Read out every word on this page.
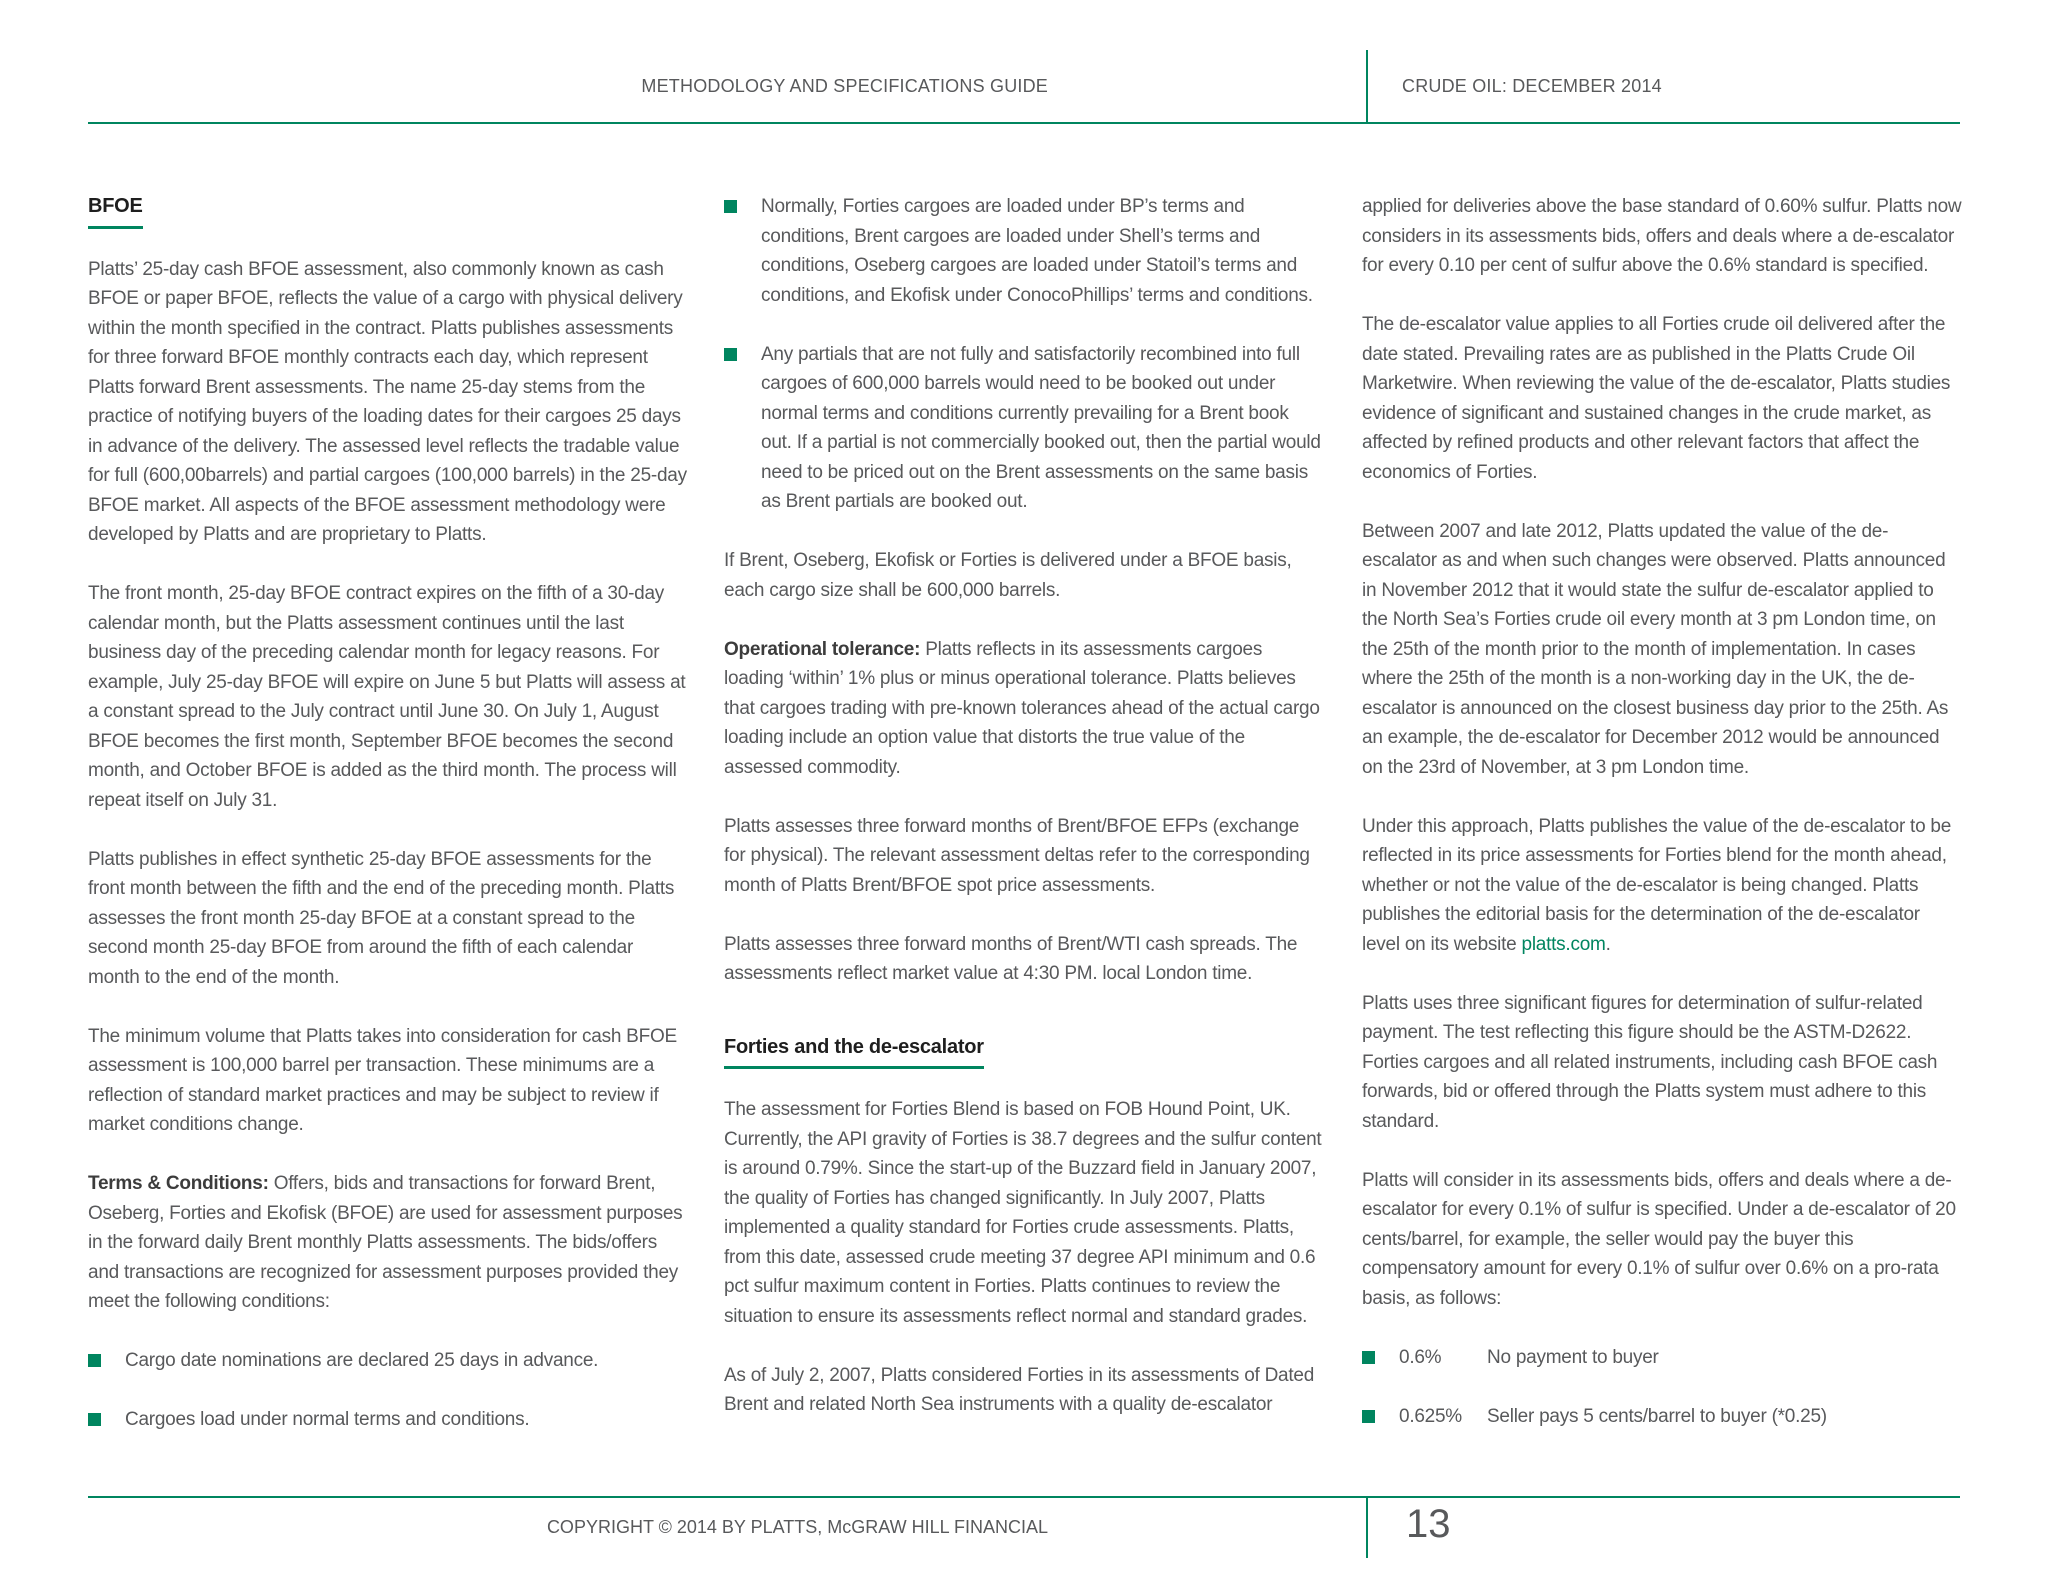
METHODOLOGY AND SPECIFICATIONS GUIDE	CRUDE OIL: DECEMBER 2014
BFOE

Platts’ 25-day cash BFOE assessment, also commonly known as cash BFOE or paper BFOE, reflects the value of a cargo with physical delivery within the month specified in the contract. Platts publishes assessments for three forward BFOE monthly contracts each day, which represent Platts forward Brent assessments. The name 25-day stems from the practice of notifying buyers of the loading dates for their cargoes 25 days in advance of the delivery. The assessed level reflects the tradable value for full (600,00barrels) and partial cargoes (100,000 barrels) in the 25-day BFOE market. All aspects of the BFOE assessment methodology were developed by Platts and are proprietary to Platts.

The front month, 25-day BFOE contract expires on the fifth of a 30-day calendar month, but the Platts assessment continues until the last business day of the preceding calendar month for legacy reasons. For example, July 25-day BFOE will expire on June 5 but Platts will assess at a constant spread to the July contract until June 30. On July 1, August BFOE becomes the first month, September BFOE becomes the second month, and October BFOE is added as the third month. The process will repeat itself on July 31.

Platts publishes in effect synthetic 25-day BFOE assessments for the front month between the fifth and the end of the preceding month. Platts assesses the front month 25-day BFOE at a constant spread to the second month 25-day BFOE from around the fifth of each calendar month to the end of the month.

The minimum volume that Platts takes into consideration for cash BFOE assessment is 100,000 barrel per transaction. These minimums are a reflection of standard market practices and may be subject to review if market conditions change.

Terms & Conditions: Offers, bids and transactions for forward Brent, Oseberg, Forties and Ekofisk (BFOE) are used for assessment purposes in the forward daily Brent monthly Platts assessments. The bids/offers and transactions are recognized for assessment purposes provided they meet the following conditions:

Cargo date nominations are declared 25 days in advance.
Cargoes load under normal terms and conditions.
Normally, Forties cargoes are loaded under BP’s terms and conditions, Brent cargoes are loaded under Shell’s terms and conditions, Oseberg cargoes are loaded under Statoil’s terms and conditions, and Ekofisk under ConocoPhillips’ terms and conditions.
Any partials that are not fully and satisfactorily recombined into full cargoes of 600,000 barrels would need to be booked out under normal terms and conditions currently prevailing for a Brent book out. If a partial is not commercially booked out, then the partial would need to be priced out on the Brent assessments on the same basis as Brent partials are booked out.

If Brent, Oseberg, Ekofisk or Forties is delivered under a BFOE basis, each cargo size shall be 600,000 barrels.

Operational tolerance: Platts reflects in its assessments cargoes loading ‘within’ 1% plus or minus operational tolerance. Platts believes that cargoes trading with pre-known tolerances ahead of the actual cargo loading include an option value that distorts the true value of the assessed commodity.

Platts assesses three forward months of Brent/BFOE EFPs (exchange for physical). The relevant assessment deltas refer to the corresponding month of Platts Brent/BFOE spot price assessments.

Platts assesses three forward months of Brent/WTI cash spreads. The assessments reflect market value at 4:30 PM. local London time.

Forties and the de-escalator

The assessment for Forties Blend is based on FOB Hound Point, UK. Currently, the API gravity of Forties is 38.7 degrees and the sulfur content is around 0.79%. Since the start-up of the Buzzard field in January 2007, the quality of Forties has changed significantly. In July 2007, Platts implemented a quality standard for Forties crude assessments. Platts, from this date, assessed crude meeting 37 degree API minimum and 0.6 pct sulfur maximum content in Forties. Platts continues to review the situation to ensure its assessments reflect normal and standard grades.

As of July 2, 2007, Platts considered Forties in its assessments of Dated Brent and related North Sea instruments with a quality de-escalator

applied for deliveries above the base standard of 0.60% sulfur. Platts now considers in its assessments bids, offers and deals where a de-escalator for every 0.10 per cent of sulfur above the 0.6% standard is specified.

The de-escalator value applies to all Forties crude oil delivered after the date stated. Prevailing rates are as published in the Platts Crude Oil Marketwire. When reviewing the value of the de-escalator, Platts studies evidence of significant and sustained changes in the crude market, as affected by refined products and other relevant factors that affect the economics of Forties.

Between 2007 and late 2012, Platts updated the value of the de-escalator as and when such changes were observed. Platts announced in November 2012 that it would state the sulfur de-escalator applied to the North Sea’s Forties crude oil every month at 3 pm London time, on the 25th of the month prior to the month of implementation. In cases where the 25th of the month is a non-working day in the UK, the de-escalator is announced on the closest business day prior to the 25th. As an example, the de-escalator for December 2012 would be announced on the 23rd of November, at 3 pm London time.

Under this approach, Platts publishes the value of the de-escalator to be reflected in its price assessments for Forties blend for the month ahead, whether or not the value of the de-escalator is being changed. Platts publishes the editorial basis for the determination of the de-escalator level on its website platts.com.

Platts uses three significant figures for determination of sulfur-related payment. The test reflecting this figure should be the ASTM-D2622. Forties cargoes and all related instruments, including cash BFOE cash forwards, bid or offered through the Platts system must adhere to this standard.

Platts will consider in its assessments bids, offers and deals where a de-escalator for every 0.1% of sulfur is specified. Under a de-escalator of 20 cents/barrel, for example, the seller would pay the buyer this compensatory amount for every 0.1% of sulfur over 0.6% on a pro-rata basis, as follows:

0.6% No payment to buyer
0.625% Seller pays 5 cents/barrel to buyer (*0.25)
COPYRIGHT © 2014 BY PLATTS, McGRAW HILL FINANCIAL	13
